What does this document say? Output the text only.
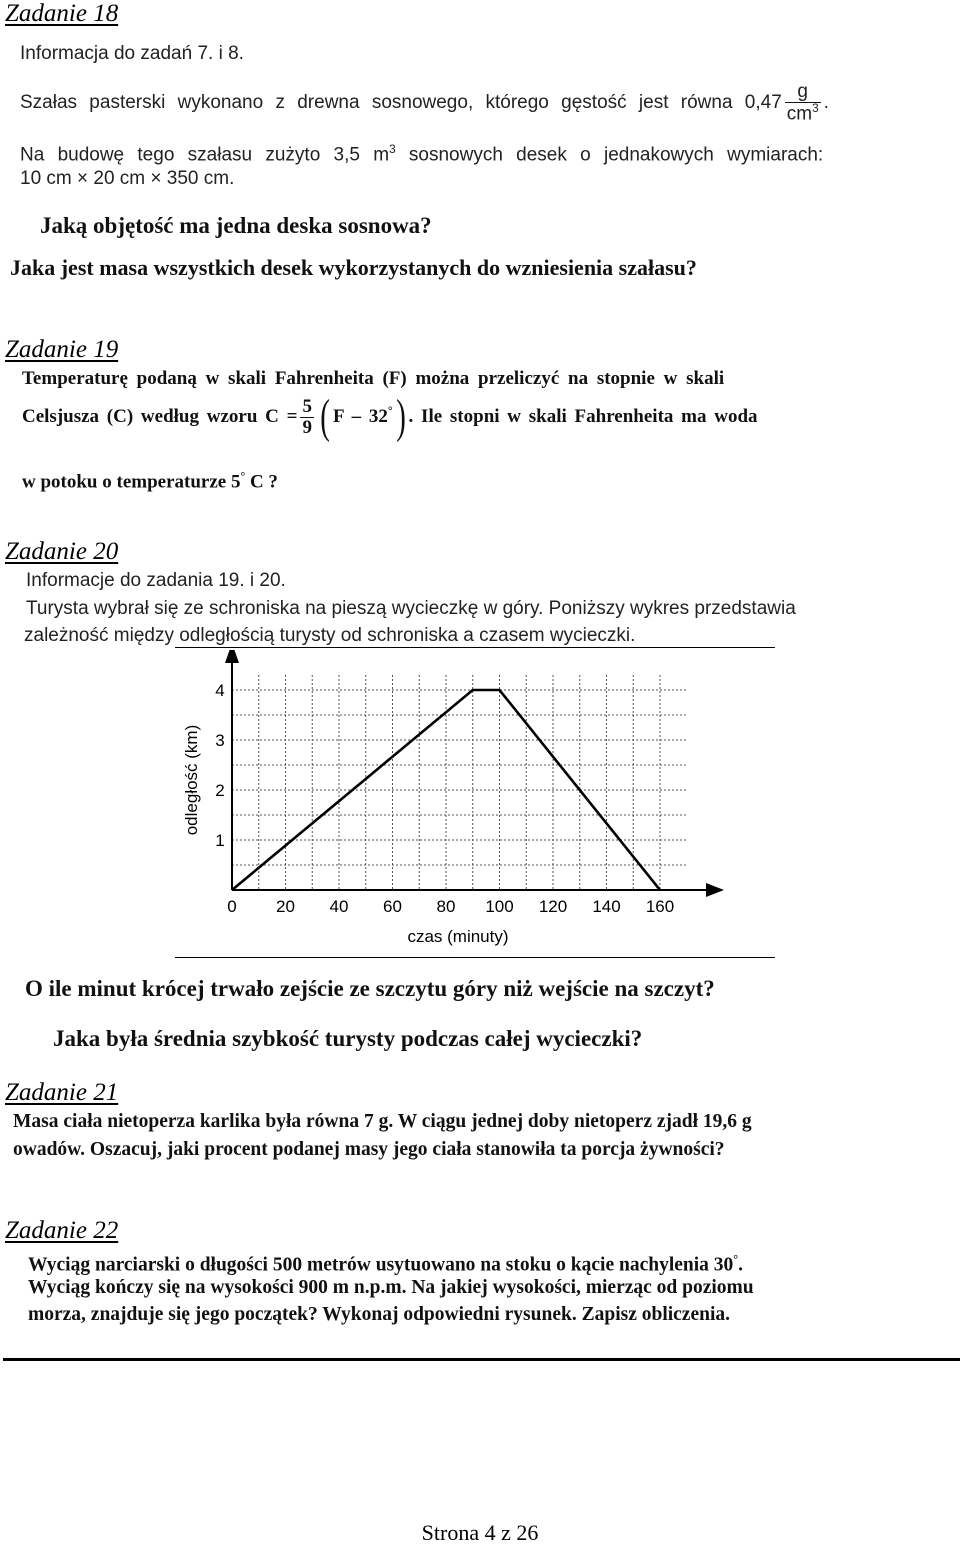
Zadanie 18
Informacja do zadań 7. i 8.
Szałas pasterski wykonano z drewna sosnowego, którego gęstość jest równa $0,47 \frac{g}{cm^3}$ .
Na budowę tego szałasu zużyto 3,5 $m^3$ sosnowych desek o jednakowych wymiarach:
10 cm × 20 cm × 350 cm.
Jaką objętość ma jedna deska sosnowa?
Jaka jest masa wszystkich desek wykorzystanych do wzniesienia szałasu?
Zadanie 19
Temperaturę podaną w skali Fahrenheita (F) można przeliczyć na stopnie w skali
Celsjusza (C) według wzoru $C = \frac{5}{9}$ ( F – 32°) . Ile stopni w skali Fahrenheita ma woda
w potoku o temperaturze 5° C ?
Zadanie 20
Informacje do zadania 19. i 20.
Turysta wybrał się ze schroniska na pieszą wycieczkę w góry. Poniższy wykres przedstawia
zależność między odległością turysty od schroniska a czasem wycieczki.
0 20 40 60 80 100 120 140 160
1
2
3
4
czas (minuty)
odległość (km)
O ile minut krócej trwało zejście ze szczytu góry niż wejście na szczyt?
Jaka była średnia szybkość turysty podczas całej wycieczki?
Zadanie 21
Masa ciała nietoperza karlika była równa 7 g. W ciągu jednej doby nietoperz zjadł 19,6 g
owadów. Oszacuj, jaki procent podanej masy jego ciała stanowiła ta porcja żywności?
Zadanie 22
Wyciąg narciarski o długości 500 metrów usytuowano na stoku o kącie nachylenia 30°.
Wyciąg kończy się na wysokości 900 m n.p.m. Na jakiej wysokości, mierząc od poziomu
morza, znajduje się jego początek? Wykonaj odpowiedni rysunek. Zapisz obliczenia.
Strona 4 z 26
